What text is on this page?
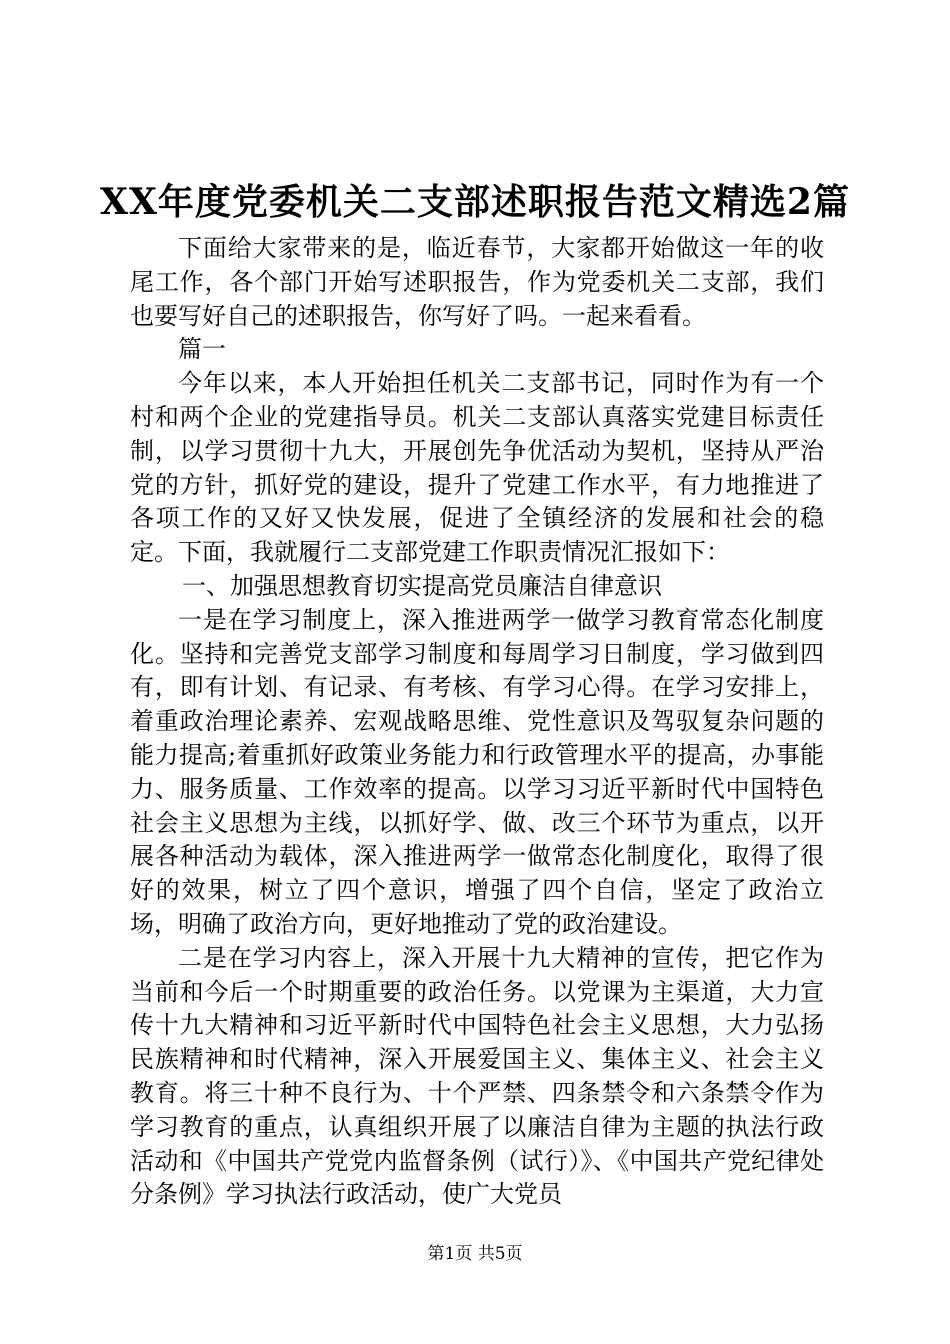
XX年度党委机关二支部述职报告范文精选2篇

下面给大家带来的是，临近春节，大家都开始做这一年的收尾工作，各个部门开始写述职报告，作为党委机关二支部，我们也要写好自己的述职报告，你写好了吗。一起来看看。

篇一

今年以来，本人开始担任机关二支部书记，同时作为有一个村和两个企业的党建指导员。机关二支部认真落实党建目标责任制，以学习贯彻十九大，开展创先争优活动为契机，坚持从严治党的方针，抓好党的建设，提升了党建工作水平，有力地推进了各项工作的又好又快发展，促进了全镇经济的发展和社会的稳定。下面，我就履行二支部党建工作职责情况汇报如下：

一、加强思想教育切实提高党员廉洁自律意识

一是在学习制度上，深入推进两学一做学习教育常态化制度化。坚持和完善党支部学习制度和每周学习日制度，学习做到四有，即有计划、有记录、有考核、有学习心得。在学习安排上，着重政治理论素养、宏观战略思维、党性意识及驾驭复杂问题的能力提高;着重抓好政策业务能力和行政管理水平的提高，办事能力、服务质量、工作效率的提高。以学习习近平新时代中国特色社会主义思想为主线，以抓好学、做、改三个环节为重点，以开展各种活动为载体，深入推进两学一做常态化制度化，取得了很好的效果，树立了四个意识，增强了四个自信，坚定了政治立场，明确了政治方向，更好地推动了党的政治建设。

二是在学习内容上，深入开展十九大精神的宣传，把它作为当前和今后一个时期重要的政治任务。以党课为主渠道，大力宣传十九大精神和习近平新时代中国特色社会主义思想，大力弘扬民族精神和时代精神，深入开展爱国主义、集体主义、社会主义教育。将三十种不良行为、十个严禁、四条禁令和六条禁令作为学习教育的重点，认真组织开展了以廉洁自律为主题的执法行政活动和《中国共产党党内监督条例（试行）》、《中国共产党纪律处分条例》学习执法行政活动，使广大党员

第1页 共5页
